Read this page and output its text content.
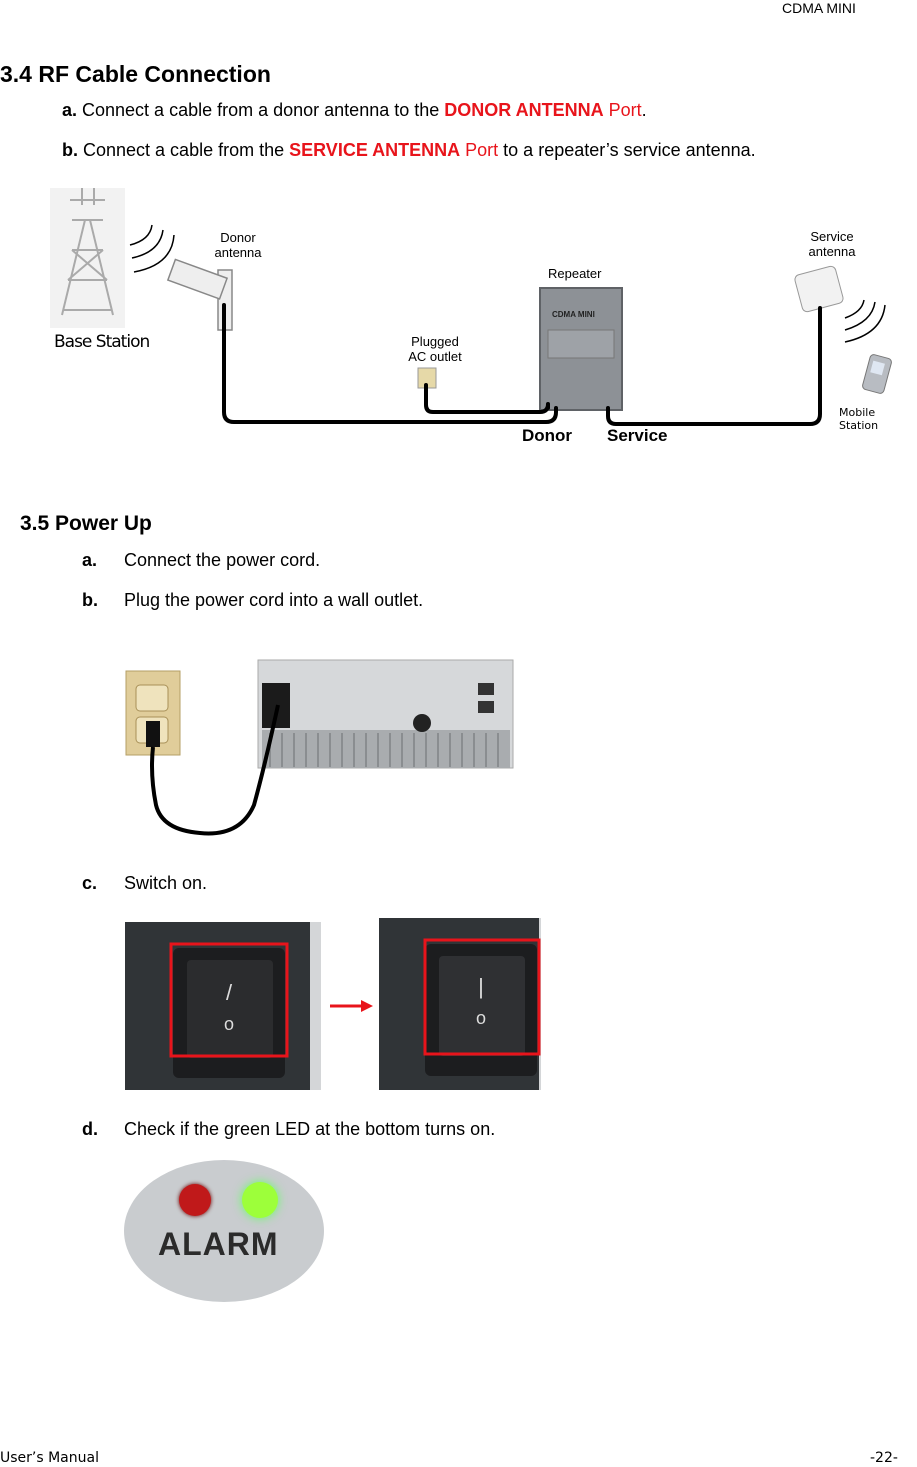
CDMA MINI
3.4 RF Cable Connection
a. Connect a cable from a donor antenna to the DONOR ANTENNA Port.
b. Connect a cable from the SERVICE ANTENNA Port to a repeater’s service antenna.
Base Station
Donor
antenna
Repeater
CDMA MINI
Plugged
AC outlet
Service
antenna
Mobile Station
Donor Service
3.5 Power Up
a. Connect the power cord.
b. Plug the power cord into a wall outlet.
c. Switch on.
/
o
|
o
d. Check if the green LED at the bottom turns on.
ALARM
User’s Manual	-22-
